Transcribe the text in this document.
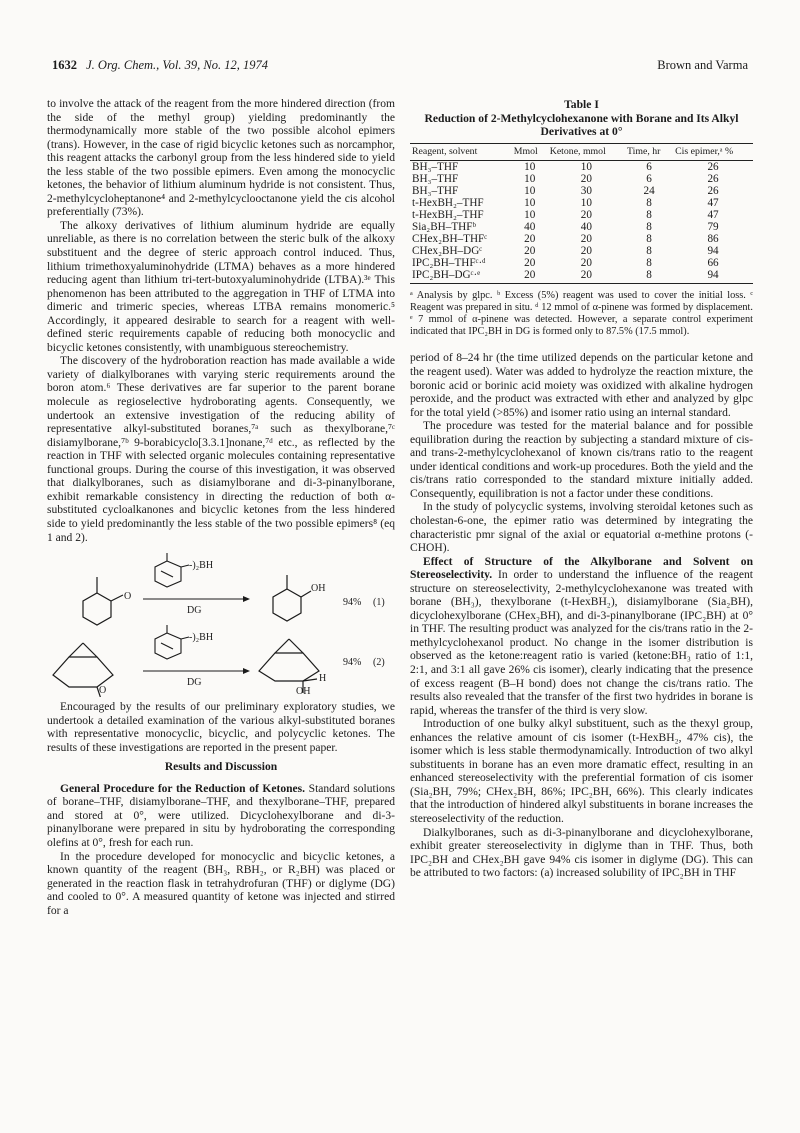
1632 J. Org. Chem., Vol. 39, No. 12, 1974	Brown and Varma

to involve the attack of the reagent from the more hindered direction (from the side of the methyl group) yielding predominantly the thermodynamically more stable of the two possible alcohol epimers (trans). However, in the case of rigid bicyclic ketones such as norcamphor, this reagent attacks the carbonyl group from the less hindered side to yield the less stable of the two possible epimers. Even among the monocyclic ketones, the behavior of lithium aluminum hydride is not consistent. Thus, 2-methylcycloheptanone⁴ and 2-methylcyclooctanone yield the cis alcohol preferentially (73%).

The alkoxy derivatives of lithium aluminum hydride are equally unreliable, as there is no correlation between the steric bulk of the alkoxy substituent and the degree of steric approach control induced. Thus, lithium trimethoxyaluminohydride (LTMA) behaves as a more hindered reducing agent than lithium tri-tert-butoxyaluminohydride (LTBA).³ᵉ This phenomenon has been attributed to the aggregation in THF of LTMA into dimeric and trimeric species, whereas LTBA remains monomeric.⁵ Accordingly, it appeared desirable to search for a reagent with well-defined steric requirements capable of reducing both monocyclic and bicyclic ketones consistently, with unambiguous stereochemistry.

The discovery of the hydroboration reaction has made available a wide variety of dialkylboranes with varying steric requirements around the boron atom.⁶ These derivatives are far superior to the parent borane molecule as regioselective hydroborating agents. Consequently, we undertook an extensive investigation of the reducing ability of representative alkyl-substituted boranes,⁷ᵃ such as thexylborane,⁷ᶜ disiamylborane,⁷ᵇ 9-borabicyclo[3.3.1]nonane,⁷ᵈ etc., as reflected by the reaction in THF with selected organic molecules containing representative functional groups. During the course of this investigation, it was observed that dialkylboranes, such as disiamylborane and di-3-pinanylborane, exhibit remarkable consistency in directing the reduction of both α-substituted cycloalkanones and bicyclic ketones from the less hindered side to yield predominantly the less stable of the two possible epimers⁸ (eq 1 and 2).

O
-)₂BH
DG
OH
94% (1)
O
-)₂BH
DG	H
OH
94% (2)

Encouraged by the results of our preliminary exploratory studies, we undertook a detailed examination of the various alkyl-substituted boranes with representative monocyclic, bicyclic, and polycyclic ketones. The results of these investigations are reported in the present paper.

Results and Discussion

General Procedure for the Reduction of Ketones. Standard solutions of borane–THF, disiamylborane–THF, and thexylborane–THF, prepared and stored at 0°, were utilized. Dicyclohexylborane and di-3-pinanylborane were prepared in situ by hydroborating the corresponding olefins at 0°, fresh for each run.

In the procedure developed for monocyclic and bicyclic ketones, a known quantity of the reagent (BH₃, RBH₂, or R₂BH) was placed or generated in the reaction flask in tetrahydrofuran (THF) or diglyme (DG) and cooled to 0°. A measured quantity of ketone was injected and stirred for a

Table I
Reduction of 2-Methylcyclohexanone with Borane and Its Alkyl Derivatives at 0°
Reagent, solvent	Mmol	Ketone, mmol	Time, hr	Cis epimer,ᵃ %
BH₃–THF	10	10	6	26
BH₃–THF	10	20	6	26
BH₃–THF	10	30	24	26
t-HexBH₂–THF	10	10	8	47
t-HexBH₂–THF	10	20	8	47
Sia₂BH–THFᵇ	40	40	8	79
CHex₂BH–THFᶜ	20	20	8	86
CHex₂BH–DGᶜ	20	20	8	94
IPC₂BH–THFᶜ·ᵈ	20	20	8	66
IPC₂BH–DGᶜ·ᵉ	20	20	8	94
ᵃ Analysis by glpc. ᵇ Excess (5%) reagent was used to cover the initial loss. ᶜ Reagent was prepared in situ. ᵈ 12 mmol of α-pinene was formed by displacement. ᵉ 7 mmol of α-pinene was detected. However, a separate control experiment indicated that IPC₂BH in DG is formed only to 87.5% (17.5 mmol).

period of 8–24 hr (the time utilized depends on the particular ketone and the reagent used). Water was added to hydrolyze the reaction mixture, the boronic acid or borinic acid moiety was oxidized with alkaline hydrogen peroxide, and the product was extracted with ether and analyzed by glpc for the total yield (>85%) and isomer ratio using an internal standard.

The procedure was tested for the material balance and for possible equilibration during the reaction by subjecting a standard mixture of cis- and trans-2-methylcyclohexanol of known cis/trans ratio to the reagent under identical conditions and work-up procedures. Both the yield and the cis/trans ratio corresponded to the standard mixture initially added. Consequently, equilibration is not a factor under these conditions.

In the study of polycyclic systems, involving steroidal ketones such as cholestan-6-one, the epimer ratio was determined by integrating the characteristic pmr signal of the axial or equatorial α-methine protons (-CHOH).

Effect of Structure of the Alkylborane and Solvent on Stereoselectivity. In order to understand the influence of the reagent structure on stereoselectivity, 2-methylcyclohexanone was treated with borane (BH₃), thexylborane (t-HexBH₂), disiamylborane (Sia₂BH), dicyclohexylborane (CHex₂BH), and di-3-pinanylborane (IPC₂BH) at 0° in THF. The resulting product was analyzed for the cis/trans ratio in the 2-methylcyclohexanol product. No change in the isomer distribution is observed as the ketone:reagent ratio is varied (ketone:BH₃ ratio of 1:1, 2:1, and 3:1 all gave 26% cis isomer), clearly indicating that the presence of excess reagent (B–H bond) does not change the cis/trans ratio. The results also revealed that the transfer of the first two hydrides in borane is rapid, whereas the transfer of the third is very slow.

Introduction of one bulky alkyl substituent, such as the thexyl group, enhances the relative amount of cis isomer (t-HexBH₂, 47% cis), the isomer which is less stable thermodynamically. Introduction of two alkyl substituents in borane has an even more dramatic effect, resulting in an enhanced stereoselectivity with the preferential formation of cis isomer (Sia₂BH, 79%; CHex₂BH, 86%; IPC₂BH, 66%). This clearly indicates that the introduction of hindered alkyl substituents in borane increases the stereoselectivity of the reduction.

Dialkylboranes, such as di-3-pinanylborane and dicyclohexylborane, exhibit greater stereoselectivity in diglyme than in THF. Thus, both IPC₂BH and CHex₂BH gave 94% cis isomer in diglyme (DG). This can be attributed to two factors: (a) increased solubility of IPC₂BH in THF
